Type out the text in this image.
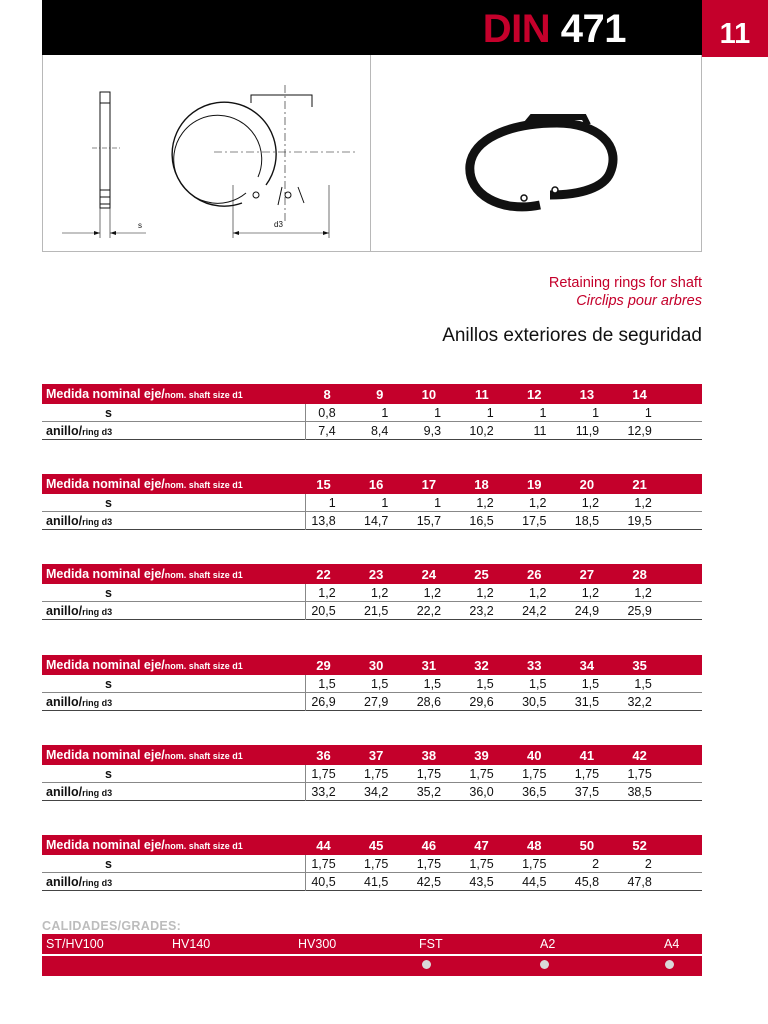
DIN 471	11
s	d3
Retaining rings for shaft
Circlips pour arbres
Anillos exteriores de seguridad
Medida nominal eje/nom. shaft size d1	8	9	10	11	12	13	14
s	0,8	1	1	1	1	1	1
anillo/ring d3	7,4	8,4	9,3	10,2	11	11,9	12,9
Medida nominal eje/nom. shaft size d1	15	16	17	18	19	20	21
s	1	1	1	1,2	1,2	1,2	1,2
anillo/ring d3	13,8	14,7	15,7	16,5	17,5	18,5	19,5
Medida nominal eje/nom. shaft size d1	22	23	24	25	26	27	28
s	1,2	1,2	1,2	1,2	1,2	1,2	1,2
anillo/ring d3	20,5	21,5	22,2	23,2	24,2	24,9	25,9
Medida nominal eje/nom. shaft size d1	29	30	31	32	33	34	35
s	1,5	1,5	1,5	1,5	1,5	1,5	1,5
anillo/ring d3	26,9	27,9	28,6	29,6	30,5	31,5	32,2
Medida nominal eje/nom. shaft size d1	36	37	38	39	40	41	42
s	1,75	1,75	1,75	1,75	1,75	1,75	1,75
anillo/ring d3	33,2	34,2	35,2	36,0	36,5	37,5	38,5
Medida nominal eje/nom. shaft size d1	44	45	46	47	48	50	52
s	1,75	1,75	1,75	1,75	1,75	2	2
anillo/ring d3	40,5	41,5	42,5	43,5	44,5	45,8	47,8
CALIDADES/GRADES:
ST/HV100	HV140	HV300	FST	A2	A4
